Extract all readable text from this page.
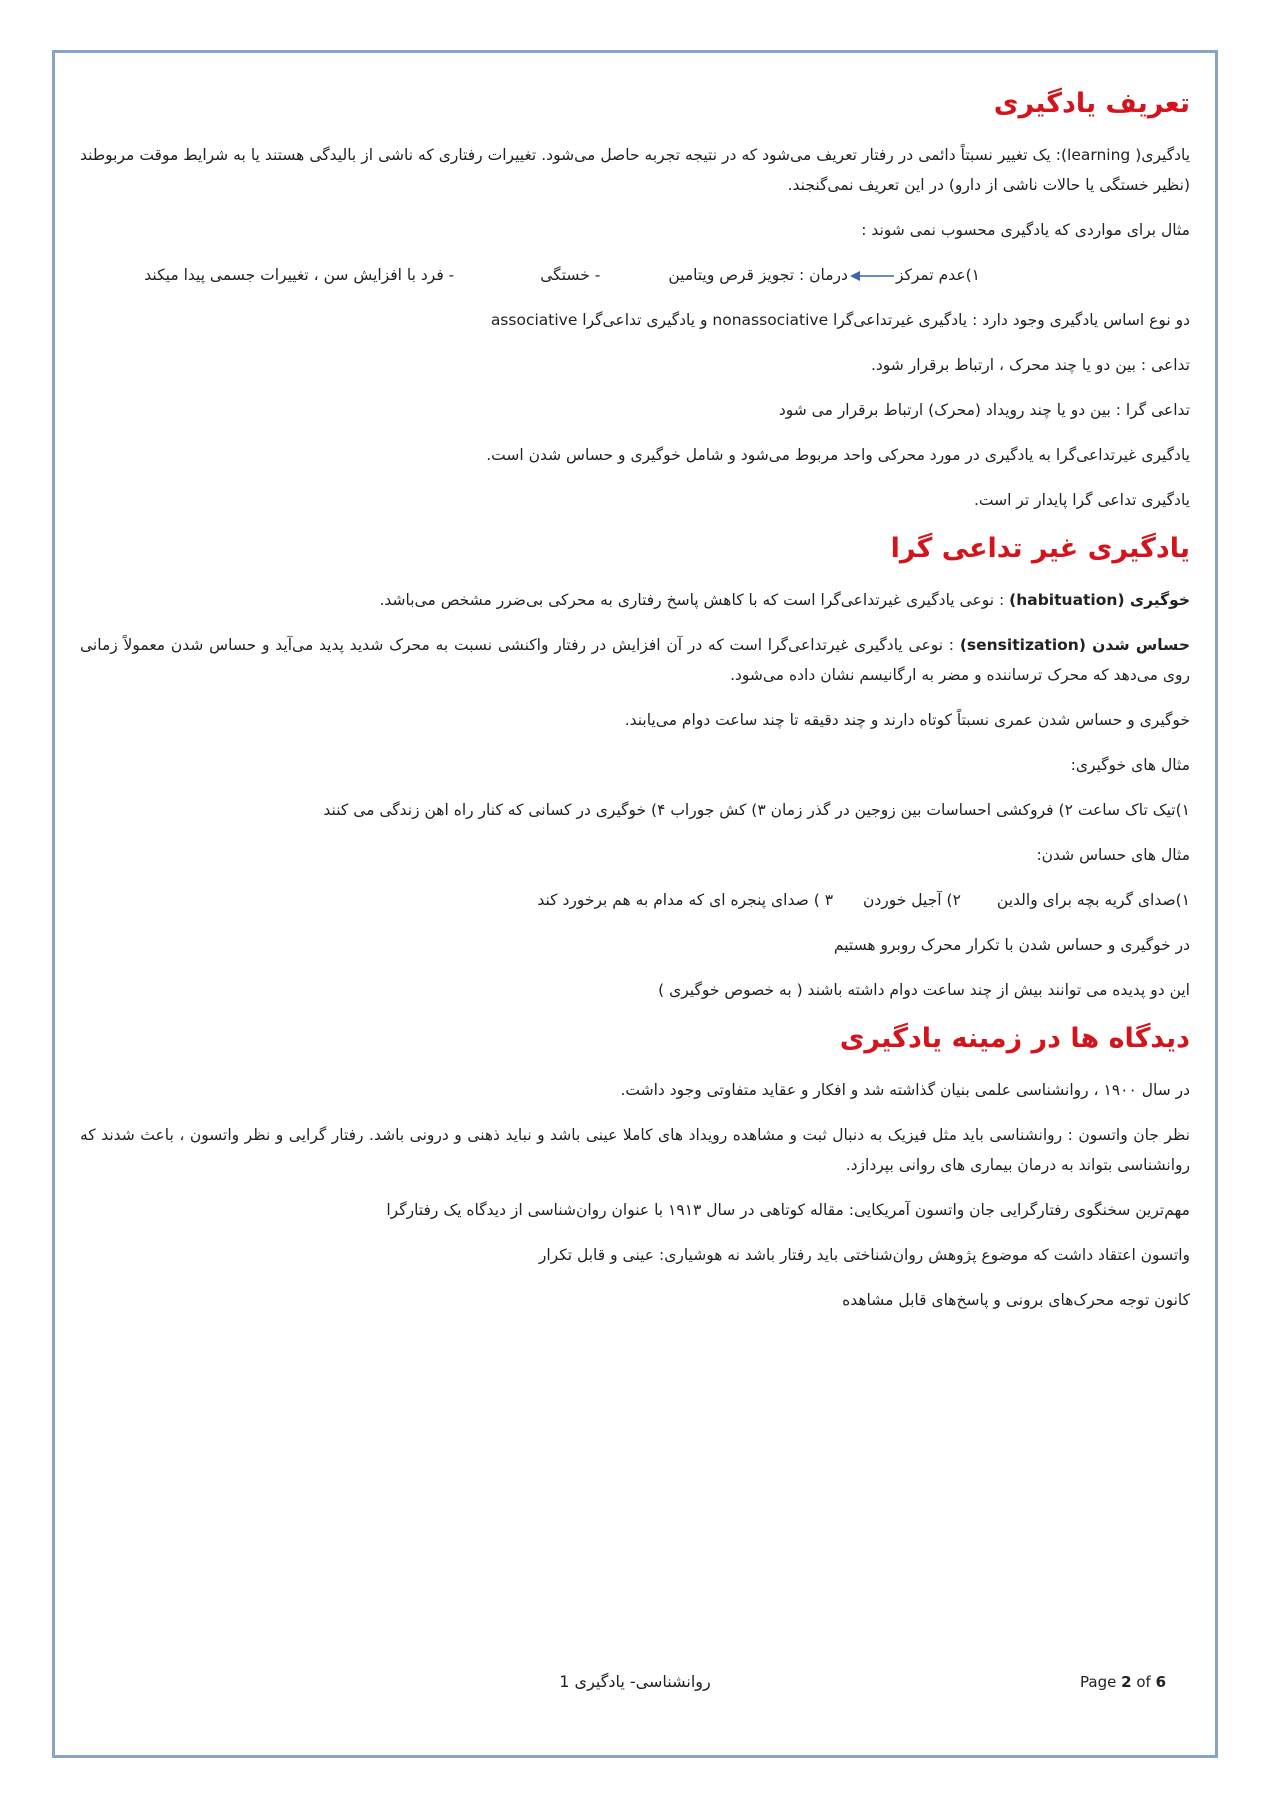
تعریف یادگیری

یادگیری( learning): یک تغییر نسبتاً دائمی در رفتار تعریف می‌شود که در نتیجه تجربه حاصل می‌شود. تغییرات رفتاری که ناشی از بالیدگی هستند یا به شرایط موقت مربوطند (نظیر خستگی یا حالات ناشی از دارو) در این تعریف نمی‌گنجند.

مثال برای مواردی که یادگیری محسوب نمی شوند :

۱)عدم تمرکزدرمان : تجویز قرص ویتامین- خستگی- فرد با افزایش سن ، تغییرات جسمی پیدا میکند

دو نوع اساس یادگیری وجود دارد : یادگیری غیرتداعی‌گرا nonassociative و یادگیری تداعی‌گرا associative

تداعی : بین دو یا چند محرک ، ارتباط برقرار شود.

تداعی گرا : بین دو یا چند رویداد (محرک) ارتباط برقرار می شود

یادگیری غیرتداعی‌گرا به یادگیری در مورد محرکی واحد مربوط می‌شود و شامل خوگیری و حساس شدن است.

یادگیری تداعی گرا پایدار تر است.

یادگیری غیر تداعی گرا

خوگیری (habituation) : نوعی یادگیری غیرتداعی‌گرا است که با کاهش پاسخ رفتاری به محرکی بی‌ضرر مشخص می‌باشد.

حساس شدن (sensitization) : نوعی یادگیری غیرتداعی‌گرا است که در آن افزایش در رفتار واکنشی نسبت به محرک شدید پدید می‌آید و حساس شدن معمولاً زمانی روی می‌دهد که محرک ترساننده و مضر به ارگانیسم نشان داده می‌شود.

خوگیری و حساس شدن عمری نسبتاً کوتاه دارند و چند دقیقه تا چند ساعت دوام می‌یابند.

مثال های خوگیری:

۱)تیک تاک ساعت ۲) فروکشی احساسات بین زوجین در گذر زمان ۳) کش جوراب ۴) خوگیری در کسانی که کنار راه اهن زندگی می کنند

مثال های حساس شدن:

۱)صدای گریه بچه برای والدین۲) آجیل خوردن۳ ) صدای پنجره ای که مدام به هم برخورد کند

در خوگیری و حساس شدن با تکرار محرک روبرو هستیم

این دو پدیده می توانند بیش از چند ساعت دوام داشته باشند ( به خصوص خوگیری )

دیدگاه ها در زمینه یادگیری

در سال ۱۹۰۰ ، روانشناسی علمی بنیان گذاشته شد و افکار و عقاید متفاوتی وجود داشت.

نظر جان واتسون : روانشناسی باید مثل فیزیک به دنبال ثبت و مشاهده رویداد های کاملا عینی باشد و نباید ذهنی و درونی باشد. رفتار گرایی و نظر واتسون ، باعث شدند که روانشناسی بتواند به درمان بیماری های روانی بپردازد.

مهم‌ترین سخنگوی رفتارگرایی جان واتسون آمریکایی: مقاله کوتاهی در سال ۱۹۱۳ با عنوان روان‌شناسی از دیدگاه یک رفتارگرا

واتسون اعتقاد داشت که موضوع پژوهش روان‌شناختی باید رفتار باشد نه هوشیاری: عینی و قابل تکرار

کانون توجه محرک‌های برونی و پاسخ‌های قابل مشاهده

روانشناسی- یادگیری 1	Page 2 of 6
